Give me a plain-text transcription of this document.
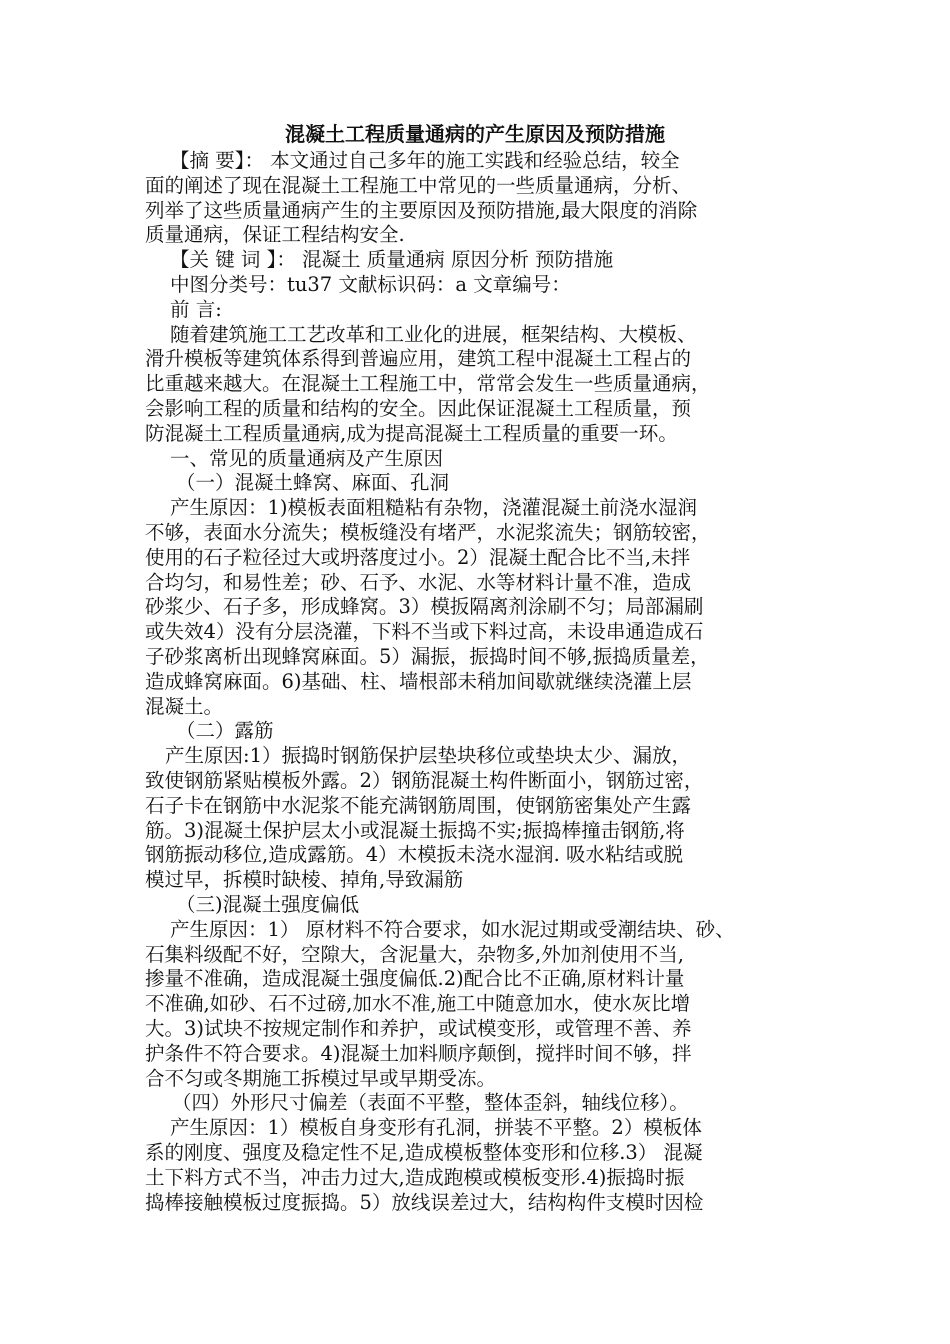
混凝土工程质量通病的产生原因及预防措施
【摘 要】： 本文通过自己多年的施工实践和经验总结，较全
面的阐述了现在混凝土工程施工中常见的一些质量通病，分析、
列举了这些质量通病产生的主要原因及预防措施,最大限度的消除
质量通病，保证工程结构安全.
【关 键 词 】： 混凝土 质量通病 原因分析 预防措施
中图分类号：tu37 文献标识码：a 文章编号：
前 言:
随着建筑施工工艺改革和工业化的进展，框架结构、大模板、
滑升模板等建筑体系得到普遍应用，建筑工程中混凝土工程占的
比重越来越大。在混凝土工程施工中，常常会发生一些质量通病，
会影响工程的质量和结构的安全。因此保证混凝土工程质量，预
防混凝土工程质量通病,成为提高混凝土工程质量的重要一环。
一、常见的质量通病及产生原因
（一）混凝土蜂窝、麻面、孔洞
产生原因：1)模板表面粗糙粘有杂物，浇灌混凝土前浇水湿润
不够，表面水分流失；模板缝没有堵严，水泥浆流失；钢筋较密，
使用的石子粒径过大或坍落度过小。2）混凝土配合比不当,未拌
合均匀，和易性差；砂、石予、水泥、水等材料计量不准，造成
砂浆少、石子多，形成蜂窝。3）模扳隔离剂涂刷不匀；局部漏刷
或失效4）没有分层浇灌，下料不当或下料过高，未设串通造成石
子砂浆离析出现蜂窝麻面。5）漏振，振捣时间不够,振捣质量差，
造成蜂窝麻面。6)基础、柱、墙根部未稍加间歇就继续浇灌上层
混凝土。
（二）露筋
产生原因:1）振捣时钢筋保护层垫块移位或垫块太少、漏放，
致使钢筋紧贴模板外露。2）钢筋混凝土构件断面小，钢筋过密，
石子卡在钢筋中水泥浆不能充满钢筋周围，使钢筋密集处产生露
筋。3)混凝土保护层太小或混凝土振捣不实;振捣棒撞击钢筋,将
钢筋振动移位,造成露筋。4）木模扳未浇水湿润. 吸水粘结或脱
模过早，拆模时缺棱、掉角,导致漏筋
（三)混凝土强度偏低
产生原因：1） 原材料不符合要求，如水泥过期或受潮结块、砂、
石集料级配不好，空隙大，含泥量大，杂物多,外加剂使用不当,
掺量不准确，造成混凝土强度偏低.2)配合比不正确,原材料计量
不准确,如砂、石不过磅,加水不准,施工中随意加水，使水灰比增
大。3)试块不按规定制作和养护，或试模变形，或管理不善、养
护条件不符合要求。4)混凝土加料顺序颠倒，搅拌时间不够，拌
合不匀或冬期施工拆模过早或早期受冻。
（四）外形尺寸偏差（表面不平整，整体歪斜，轴线位移）。
产生原因：1）模板自身变形有孔洞，拼装不平整。2）模板体
系的刚度、强度及稳定性不足,造成模板整体变形和位移.3） 混凝
土下料方式不当，冲击力过大,造成跑模或模板变形.4)振捣时振
捣棒接触模板过度振捣。5）放线误差过大，结构构件支模时因检
